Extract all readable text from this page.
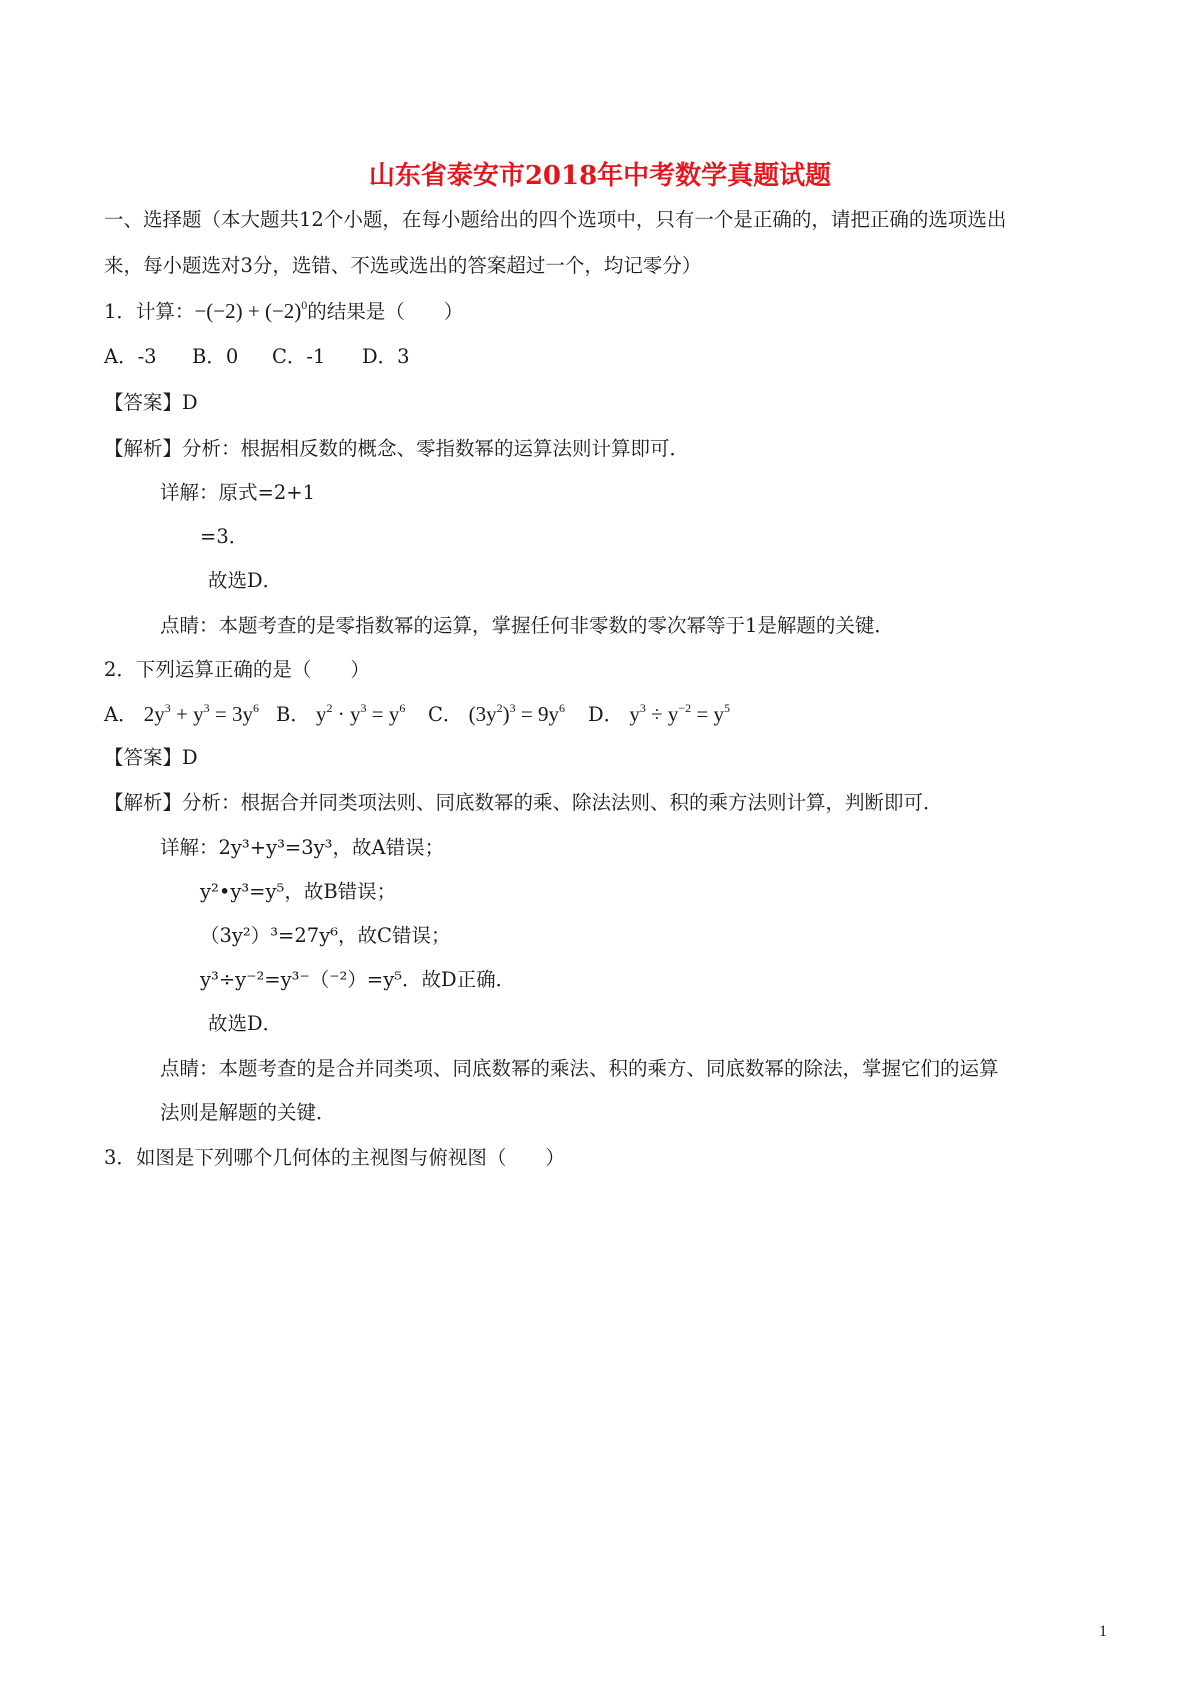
山东省泰安市2018年中考数学真题试题
一、选择题（本大题共12个小题，在每小题给出的四个选项中，只有一个是正确的，请把正确的选项选出
来，每小题选对3分，选错、不选或选出的答案超过一个，均记零分）
1．计算：$-(-2) + (-2)^0$的结果是（　　）
A．-3 B．0 C．-1 D．3
【答案】D
【解析】分析：根据相反数的概念、零指数幂的运算法则计算即可．
详解：原式=2+1
=3．
故选D．
点睛：本题考查的是零指数幂的运算，掌握任何非零数的零次幂等于1是解题的关键．
2．下列运算正确的是（　　）
A． $2y^3 + y^3 = 3y^6$ B． $y^2 \cdot y^3 = y^6$ C． $(3y^2)^3 = 9y^6$ D． $y^3 \div y^{-2} = y^5$
【答案】D
【解析】分析：根据合并同类项法则、同底数幂的乘、除法法则、积的乘方法则计算，判断即可．
详解：2y³+y³=3y³，故A错误；
y²•y³=y⁵，故B错误；
（3y²）³=27y⁶，故C错误；
y³÷y⁻²=y³⁻（⁻²）=y⁵．故D正确．
故选D．
点睛：本题考查的是合并同类项、同底数幂的乘法、积的乘方、同底数幂的除法，掌握它们的运算
法则是解题的关键．
3．如图是下列哪个几何体的主视图与俯视图（　　）
1
